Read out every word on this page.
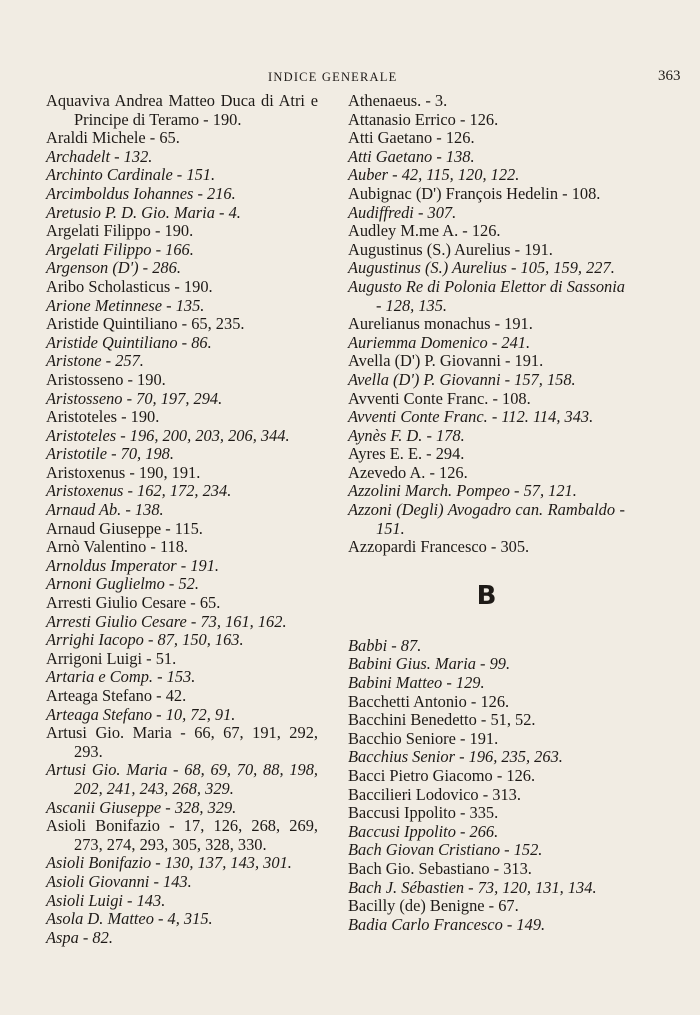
INDICE GENERALE	363
Aquaviva Andrea Matteo Duca di Atri e Principe di Teramo - 190.
Araldi Michele - 65.
Archadelt - 132.
Archinto Cardinale - 151.
Arcimboldus Iohannes - 216.
Aretusio P. D. Gio. Maria - 4.
Argelati Filippo - 190.
Argelati Filippo - 166.
Argenson (D') - 286.
Aribo Scholasticus - 190.
Arione Metinnese - 135.
Aristide Quintiliano - 65, 235.
Aristide Quintiliano - 86.
Aristone - 257.
Aristosseno - 190.
Aristosseno - 70, 197, 294.
Aristoteles - 190.
Aristoteles - 196, 200, 203, 206, 344.
Aristotile - 70, 198.
Aristoxenus - 190, 191.
Aristoxenus - 162, 172, 234.
Arnaud Ab. - 138.
Arnaud Giuseppe - 115.
Arnò Valentino - 118.
Arnoldus Imperator - 191.
Arnoni Guglielmo - 52.
Arresti Giulio Cesare - 65.
Arresti Giulio Cesare - 73, 161, 162.
Arrighi Iacopo - 87, 150, 163.
Arrigoni Luigi - 51.
Artaria e Comp. - 153.
Arteaga Stefano - 42.
Arteaga Stefano - 10, 72, 91.
Artusi Gio. Maria - 66, 67, 191, 292, 293.
Artusi Gio. Maria - 68, 69, 70, 88, 198, 202, 241, 243, 268, 329.
Ascanii Giuseppe - 328, 329.
Asioli Bonifazio - 17, 126, 268, 269, 273, 274, 293, 305, 328, 330.
Asioli Bonifazio - 130, 137, 143, 301.
Asioli Giovanni - 143.
Asioli Luigi - 143.
Asola D. Matteo - 4, 315.
Aspa - 82.
Athenaeus. - 3.
Attanasio Errico - 126.
Atti Gaetano - 126.
Atti Gaetano - 138.
Auber - 42, 115, 120, 122.
Aubignac (D') François Hedelin - 108.
Audiffredi - 307.
Audley M.me A. - 126.
Augustinus (S.) Aurelius - 191.
Augustinus (S.) Aurelius - 105, 159, 227.
Augusto Re di Polonia Elettor di Sassonia - 128, 135.
Aurelianus monachus - 191.
Auriemma Domenico - 241.
Avella (D') P. Giovanni - 191.
Avella (D') P. Giovanni - 157, 158.
Avventi Conte Franc. - 108.
Avventi Conte Franc. - 112. 114, 343.
Aynès F. D. - 178.
Ayres E. E. - 294.
Azevedo A. - 126.
Azzolini March. Pompeo - 57, 121.
Azzoni (Degli) Avogadro can. Rambaldo - 151.
Azzopardi Francesco - 305.
B
Babbi - 87.
Babini Gius. Maria - 99.
Babini Matteo - 129.
Bacchetti Antonio - 126.
Bacchini Benedetto - 51, 52.
Bacchio Seniore - 191.
Bacchius Senior - 196, 235, 263.
Bacci Pietro Giacomo - 126.
Baccilieri Lodovico - 313.
Baccusi Ippolito - 335.
Baccusi Ippolito - 266.
Bach Giovan Cristiano - 152.
Bach Gio. Sebastiano - 313.
Bach J. Sébastien - 73, 120, 131, 134.
Bacilly (de) Benigne - 67.
Badia Carlo Francesco - 149.
